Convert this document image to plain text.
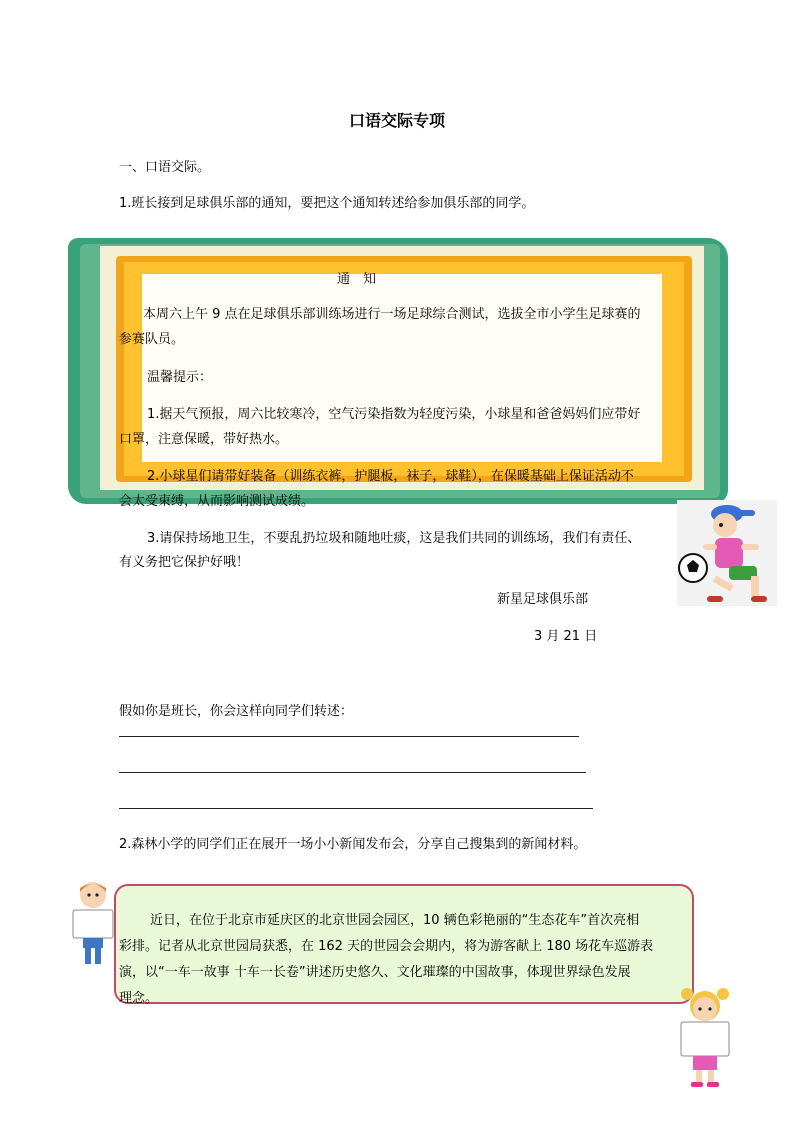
口语交际专项
一、口语交际。
1.班长接到足球俱乐部的通知，要把这个通知转述给参加俱乐部的同学。
通　知
本周六上午 9 点在足球俱乐部训练场进行一场足球综合测试，选拔全市小学生足球赛的
参赛队员。
温馨提示：
1.据天气预报，周六比较寒冷，空气污染指数为轻度污染，小球星和爸爸妈妈们应带好
口罩，注意保暖，带好热水。
2.小球星们请带好装备（训练衣裤，护腿板，袜子，球鞋），在保暖基础上保证活动不
会太受束缚，从而影响测试成绩。
3.请保持场地卫生，不要乱扔垃圾和随地吐痰，这是我们共同的训练场，我们有责任、
有义务把它保护好哦！
新星足球俱乐部
3 月 21 日
假如你是班长，你会这样向同学们转述：
2.森林小学的同学们正在展开一场小小新闻发布会，分享自己搜集到的新闻材料。
近日，在位于北京市延庆区的北京世园会园区，10 辆色彩艳丽的“生态花车”首次亮相
彩排。记者从北京世园局获悉，在 162 天的世园会会期内，将为游客献上 180 场花车巡游表
演，以“一车一故事 十车一长卷”讲述历史悠久、文化璀璨的中国故事，体现世界绿色发展
理念。
